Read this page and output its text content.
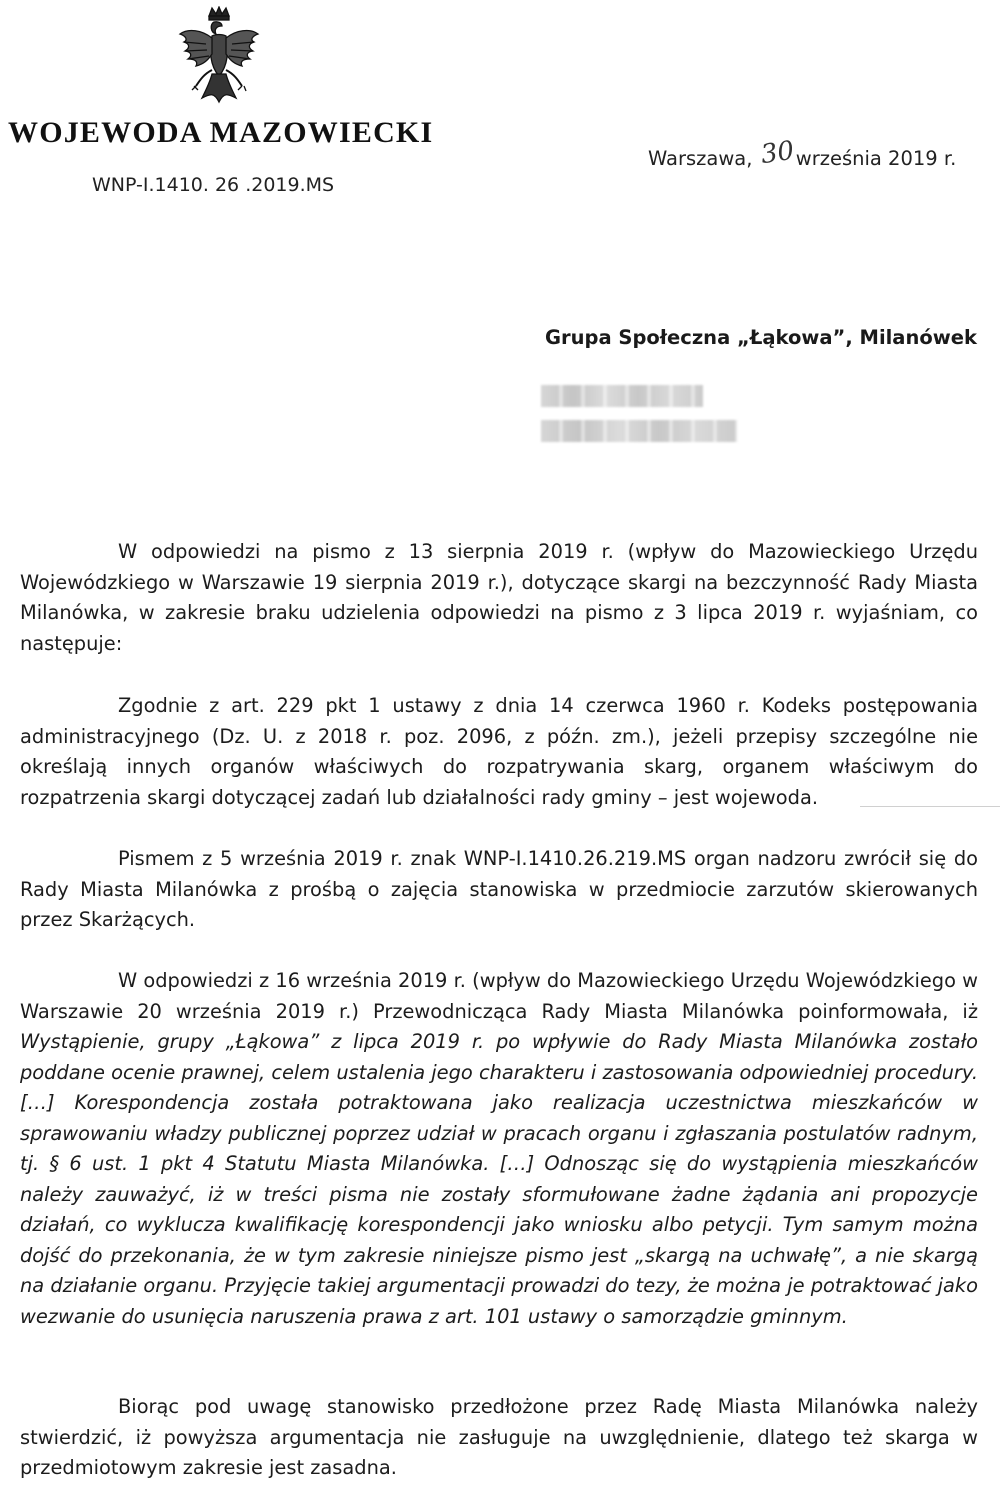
WOJEWODA MAZOWIECKI
WNP-I.1410. 26 .2019.MS
Warszawa, 30września 2019 r.
Grupa Społeczna „Łąkowa”, Milanówek

W odpowiedzi na pismo z 13 sierpnia 2019 r. (wpływ do Mazowieckiego Urzędu Wojewódzkiego w Warszawie 19 sierpnia 2019 r.), dotyczące skargi na bezczynność Rady Miasta Milanówka, w zakresie braku udzielenia odpowiedzi na pismo z 3 lipca 2019 r. wyjaśniam, co następuje:

Zgodnie z art. 229 pkt 1 ustawy z dnia 14 czerwca 1960 r. Kodeks postępowania administracyjnego (Dz. U. z 2018 r. poz. 2096, z późn. zm.), jeżeli przepisy szczególne nie określają innych organów właściwych do rozpatrywania skarg, organem właściwym do rozpatrzenia skargi dotyczącej zadań lub działalności rady gminy – jest wojewoda.

Pismem z 5 września 2019 r. znak WNP-I.1410.26.219.MS organ nadzoru zwrócił się do Rady Miasta Milanówka z prośbą o zajęcia stanowiska w przedmiocie zarzutów skierowanych przez Skarżących.

W odpowiedzi z 16 września 2019 r. (wpływ do Mazowieckiego Urzędu Wojewódzkiego w Warszawie 20 września 2019 r.) Przewodnicząca Rady Miasta Milanówka poinformowała, iż Wystąpienie, grupy „Łąkowa” z lipca 2019 r. po wpływie do Rady Miasta Milanówka zostało poddane ocenie prawnej, celem ustalenia jego charakteru i zastosowania odpowiedniej procedury. […] Korespondencja została potraktowana jako realizacja uczestnictwa mieszkańców w sprawowaniu władzy publicznej poprzez udział w pracach organu i zgłaszania postulatów radnym, tj. § 6 ust. 1 pkt 4 Statutu Miasta Milanówka. […] Odnosząc się do wystąpienia mieszkańców należy zauważyć, iż w treści pisma nie zostały sformułowane żadne żądania ani propozycje działań, co wyklucza kwalifikację korespondencji jako wniosku albo petycji. Tym samym można dojść do przekonania, że w tym zakresie niniejsze pismo jest „skargą na uchwałę”, a nie skargą na działanie organu. Przyjęcie takiej argumentacji prowadzi do tezy, że można je potraktować jako wezwanie do usunięcia naruszenia prawa z art. 101 ustawy o samorządzie gminnym.

Biorąc pod uwagę stanowisko przedłożone przez Radę Miasta Milanówka należy stwierdzić, iż powyższa argumentacja nie zasługuje na uwzględnienie, dlatego też skarga w przedmiotowym zakresie jest zasadna.
